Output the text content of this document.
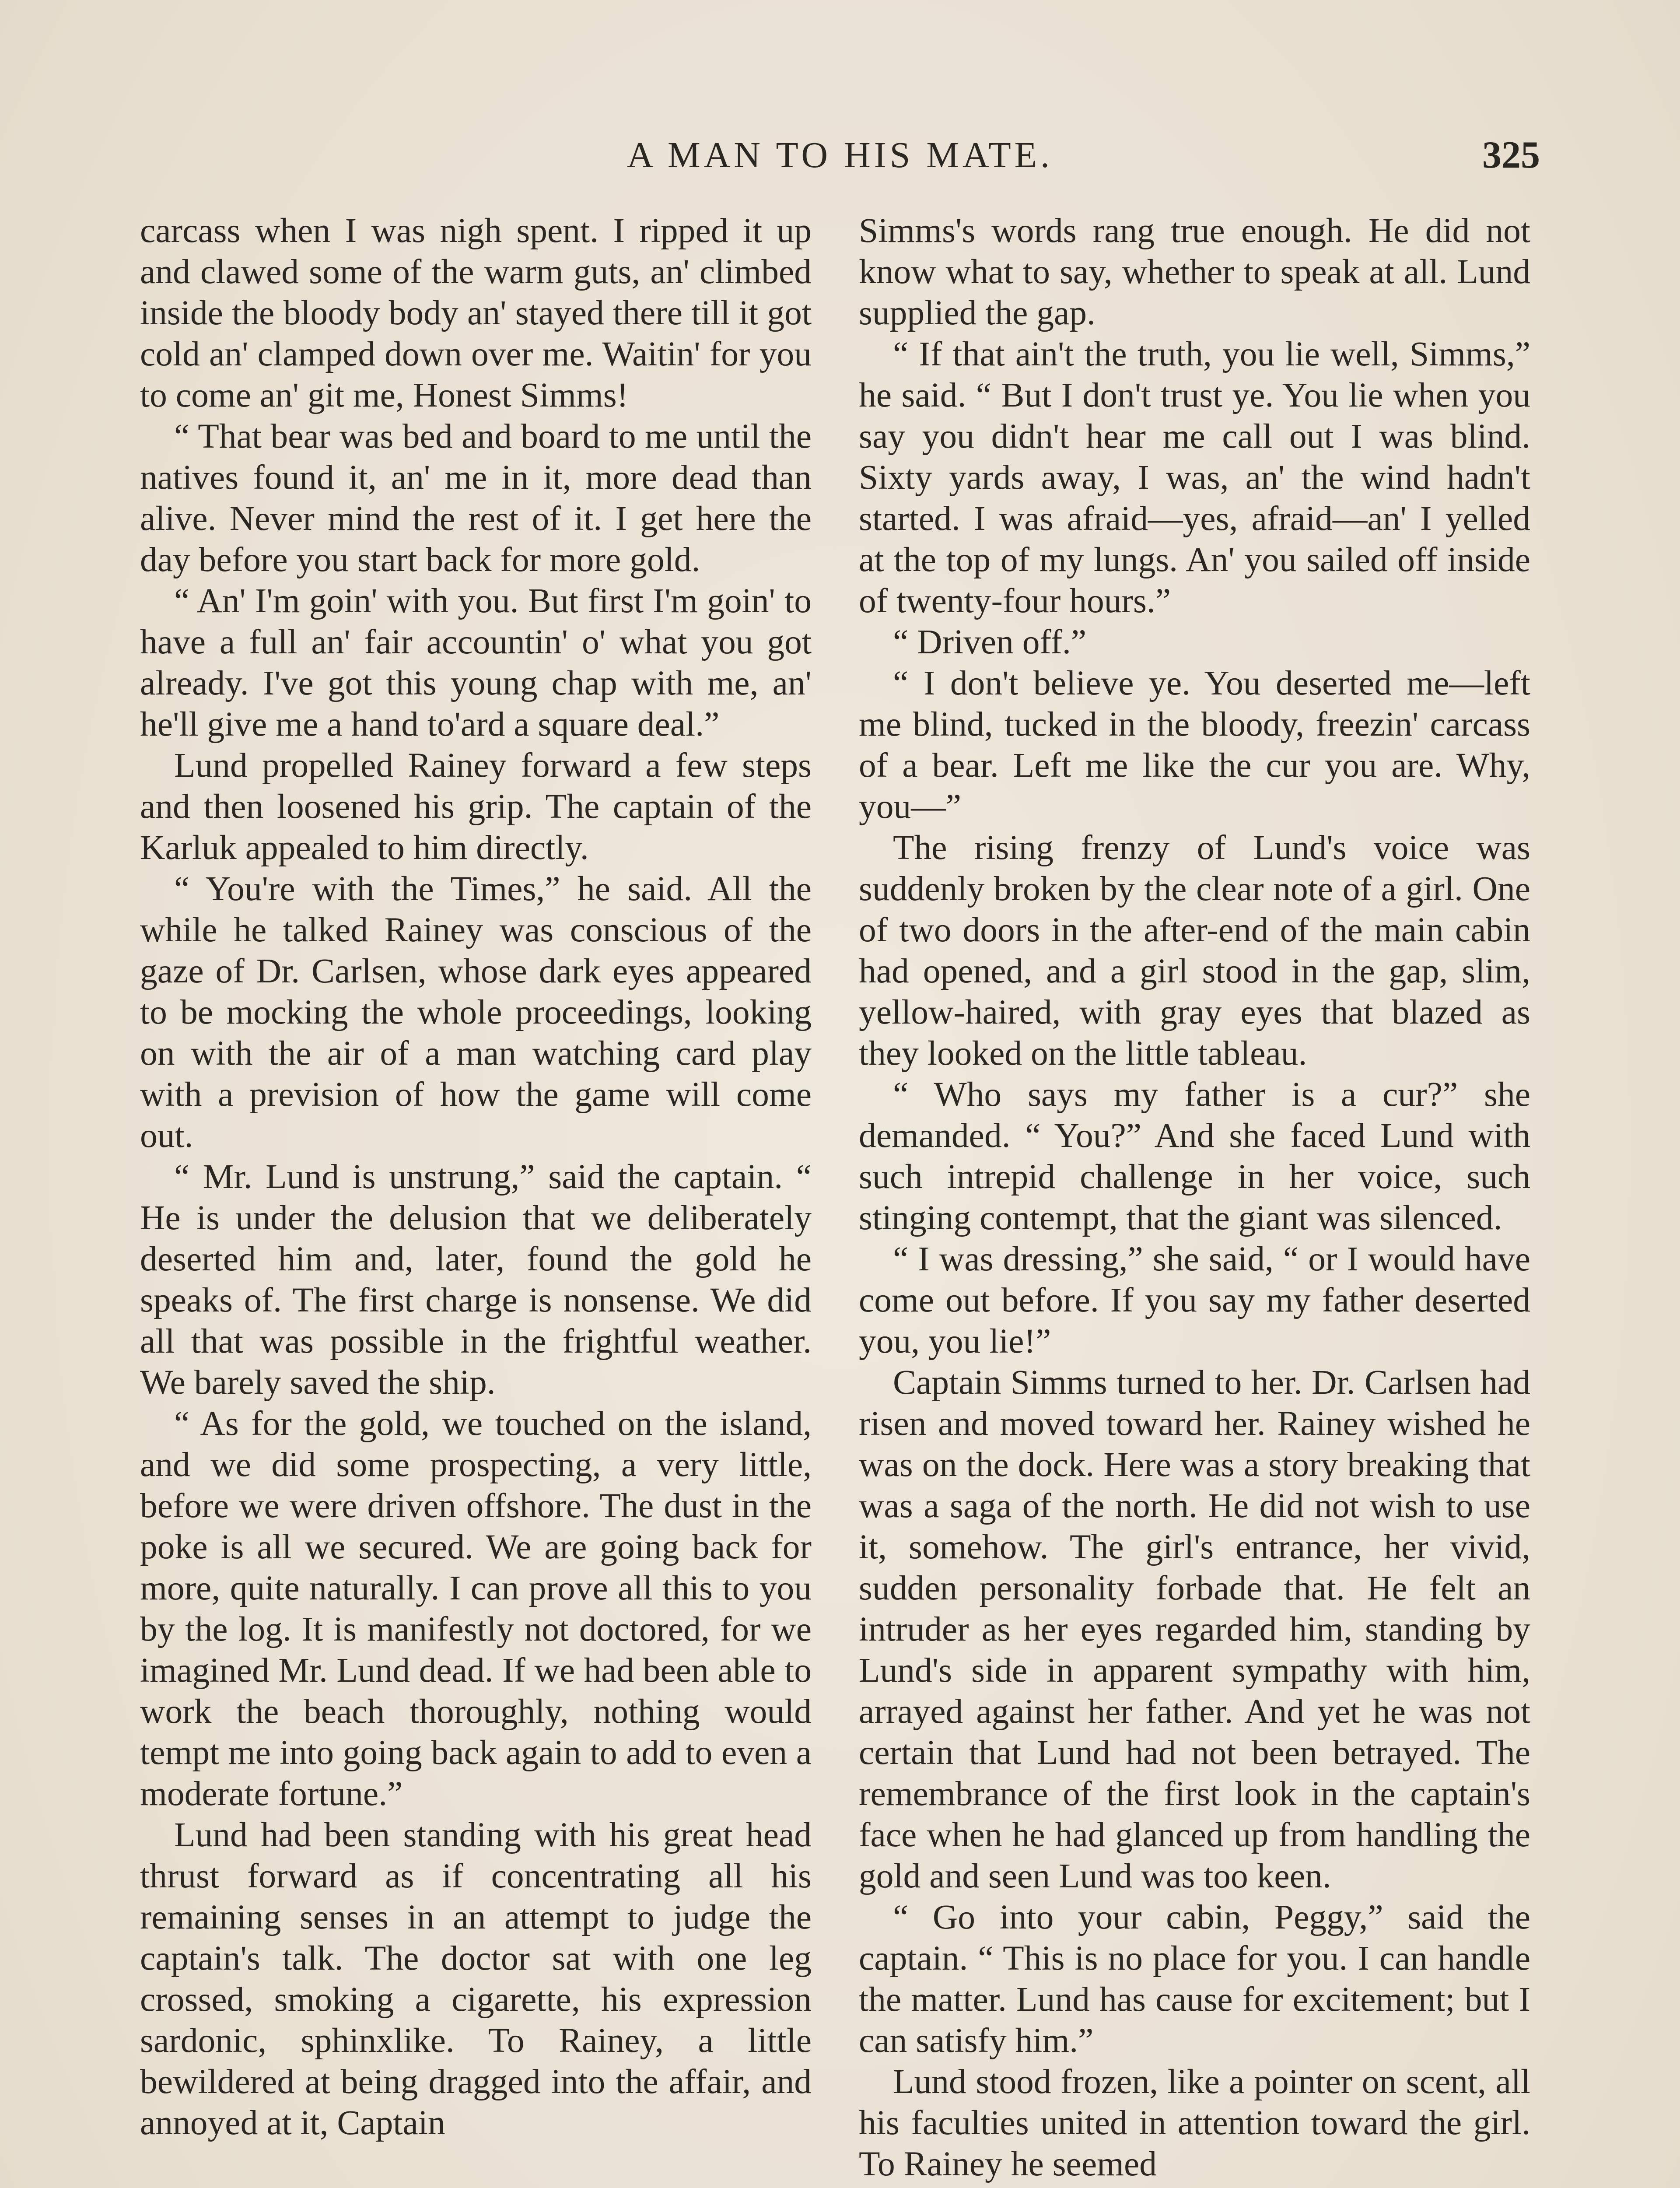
A MAN TO HIS MATE.	325

carcass when I was nigh spent. I ripped it up and clawed some of the warm guts, an' climbed inside the bloody body an' stayed there till it got cold an' clamped down over me. Waitin' for you to come an' git me, Honest Simms!

“ That bear was bed and board to me until the natives found it, an' me in it, more dead than alive. Never mind the rest of it. I get here the day before you start back for more gold.

“ An' I'm goin' with you. But first I'm goin' to have a full an' fair accountin' o' what you got already. I've got this young chap with me, an' he'll give me a hand to'ard a square deal.”

Lund propelled Rainey forward a few steps and then loosened his grip. The captain of the Karluk appealed to him directly.

“ You're with the Times,” he said. All the while he talked Rainey was conscious of the gaze of Dr. Carlsen, whose dark eyes appeared to be mocking the whole proceedings, looking on with the air of a man watching card play with a prevision of how the game will come out.

“ Mr. Lund is unstrung,” said the captain. “ He is under the delusion that we deliberately deserted him and, later, found the gold he speaks of. The first charge is nonsense. We did all that was possible in the frightful weather. We barely saved the ship.

“ As for the gold, we touched on the island, and we did some prospecting, a very little, before we were driven offshore. The dust in the poke is all we secured. We are going back for more, quite naturally. I can prove all this to you by the log. It is manifestly not doctored, for we imagined Mr. Lund dead. If we had been able to work the beach thoroughly, nothing would tempt me into going back again to add to even a moderate fortune.”

Lund had been standing with his great head thrust forward as if concentrating all his remaining senses in an attempt to judge the captain's talk. The doctor sat with one leg crossed, smoking a cigarette, his expression sardonic, sphinxlike. To Rainey, a little bewildered at being dragged into the affair, and annoyed at it, Captain

Simms's words rang true enough. He did not know what to say, whether to speak at all. Lund supplied the gap.

“ If that ain't the truth, you lie well, Simms,” he said. “ But I don't trust ye. You lie when you say you didn't hear me call out I was blind. Sixty yards away, I was, an' the wind hadn't started. I was afraid—yes, afraid—an' I yelled at the top of my lungs. An' you sailed off inside of twenty-four hours.”

“ Driven off.”

“ I don't believe ye. You deserted me—left me blind, tucked in the bloody, freezin' carcass of a bear. Left me like the cur you are. Why, you—”

The rising frenzy of Lund's voice was suddenly broken by the clear note of a girl. One of two doors in the after-end of the main cabin had opened, and a girl stood in the gap, slim, yellow-haired, with gray eyes that blazed as they looked on the little tableau.

“ Who says my father is a cur?” she demanded. “ You?” And she faced Lund with such intrepid challenge in her voice, such stinging contempt, that the giant was silenced.

“ I was dressing,” she said, “ or I would have come out before. If you say my father deserted you, you lie!”

Captain Simms turned to her. Dr. Carlsen had risen and moved toward her. Rainey wished he was on the dock. Here was a story breaking that was a saga of the north. He did not wish to use it, somehow. The girl's entrance, her vivid, sudden personality forbade that. He felt an intruder as her eyes regarded him, standing by Lund's side in apparent sympathy with him, arrayed against her father. And yet he was not certain that Lund had not been betrayed. The remembrance of the first look in the captain's face when he had glanced up from handling the gold and seen Lund was too keen.

“ Go into your cabin, Peggy,” said the captain. “ This is no place for you. I can handle the matter. Lund has cause for excitement; but I can satisfy him.”

Lund stood frozen, like a pointer on scent, all his faculties united in attention toward the girl. To Rainey he seemed
